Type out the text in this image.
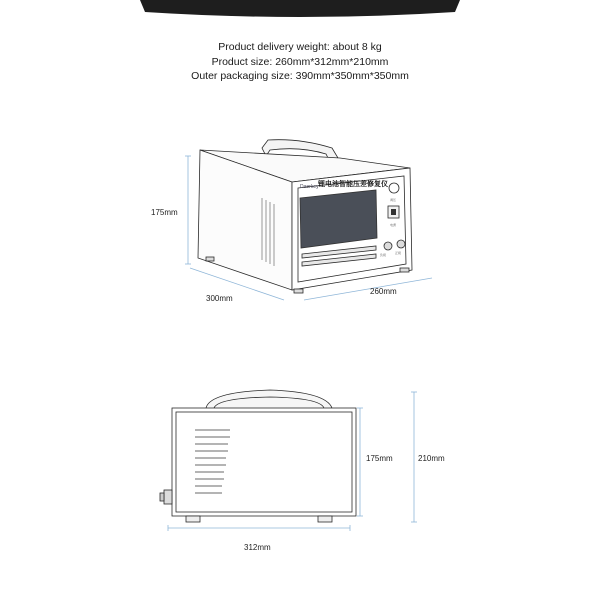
Product delivery weight: about 8 kg
Product size: 260mm*312mm*210mm
Outer packaging size: 390mm*350mm*350mm
Daerkey 锂电池智能压差修复仪
调压
电源
负极	正极
175mm
300mm
260mm
175mm	210mm
312mm
